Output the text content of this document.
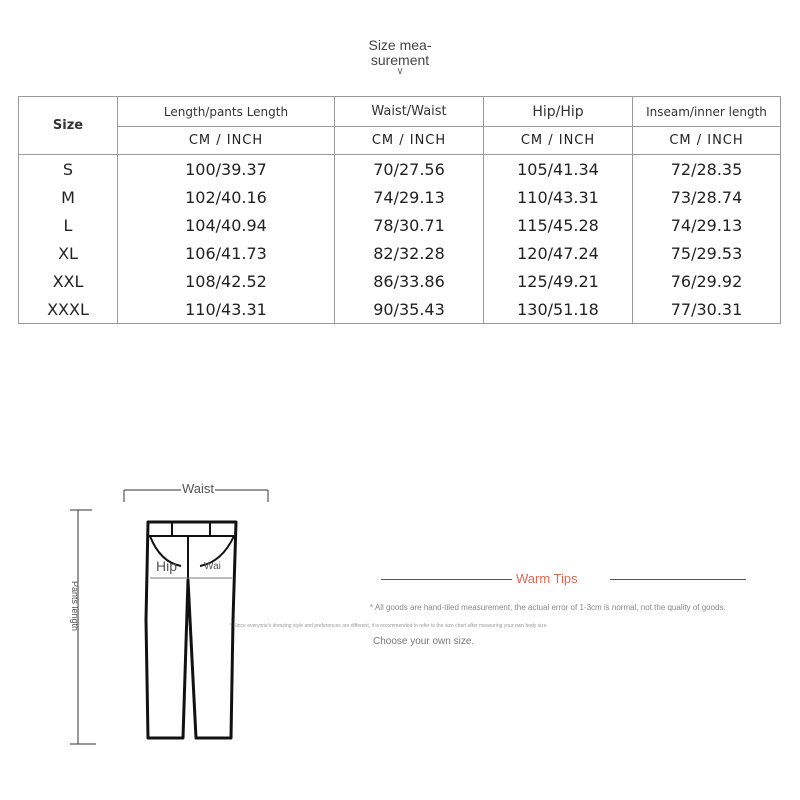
Size mea-
surement
∨
Size	Length/pants Length	Waist/Waist	Hip/Hip	Inseam/inner length
	CM / INCH	CM / INCH	CM / INCH	CM / INCH
S	100/39.37	70/27.56	105/41.34	72/28.35
M	102/40.16	74/29.13	110/43.31	73/28.74
L	104/40.94	78/30.71	115/45.28	74/29.13
XL	106/41.73	82/32.28	120/47.24	75/29.53
XXL	108/42.52	86/33.86	125/49.21	76/29.92
XXXL	110/43.31	90/35.43	130/51.18	77/30.31
Waist
Hip	Wai
Pants length
Warm Tips
* All goods are hand-tiled measurement, the actual error of 1-3cm is normal, not the quality of goods.
* Since everyone's dressing style and preferences are different, it is recommended to refer to the size chart after measuring your own body size.
Choose your own size.
